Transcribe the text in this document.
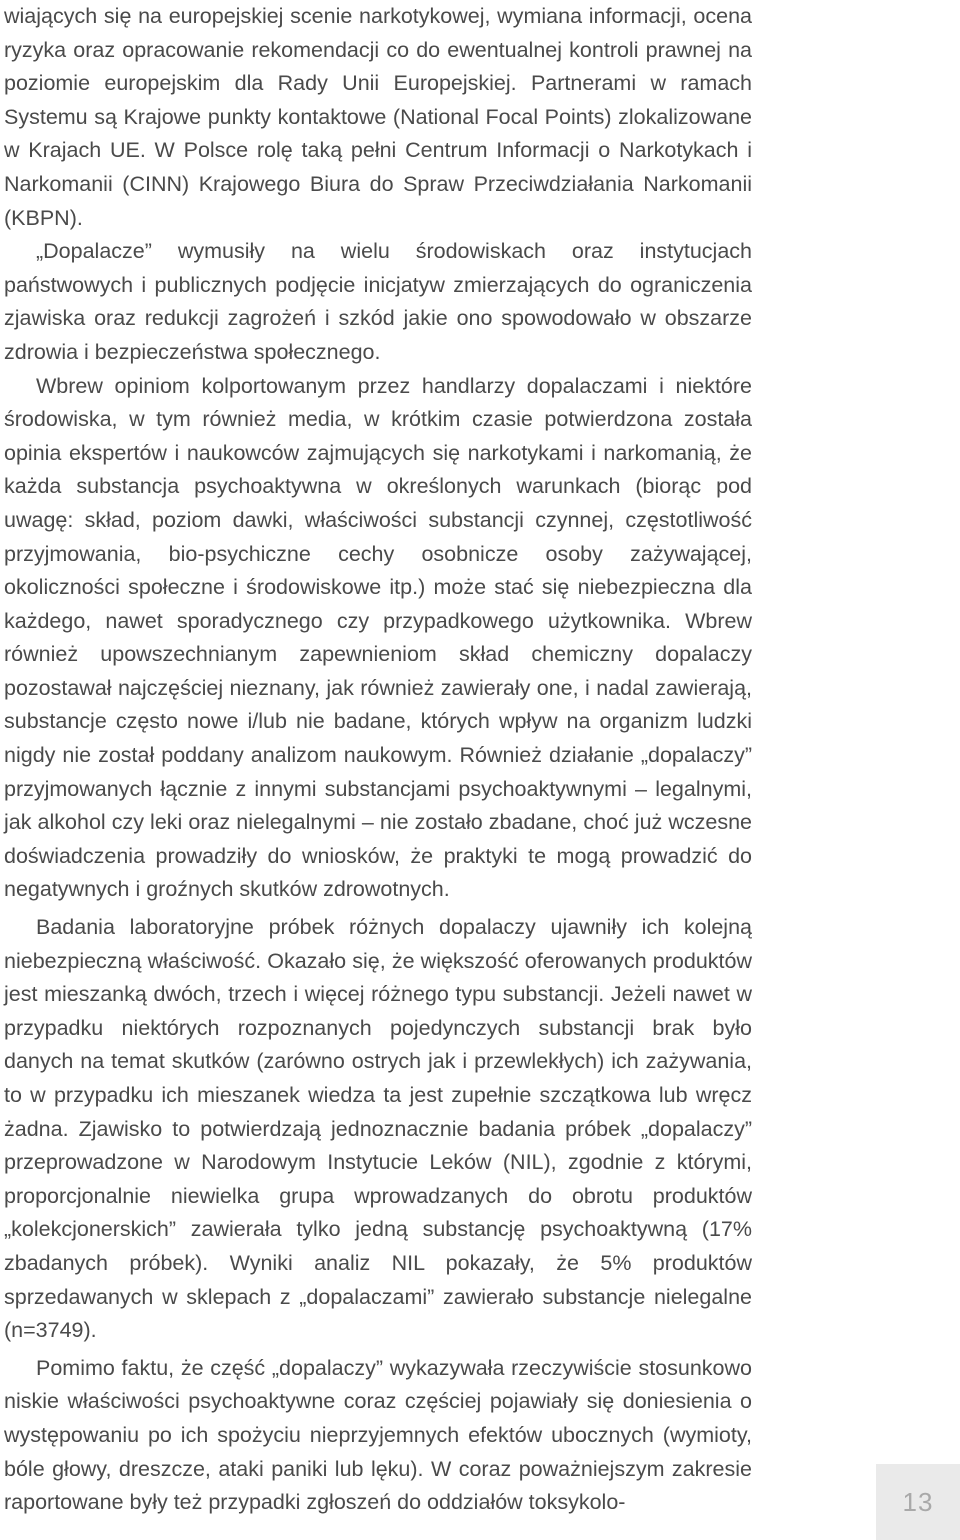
wiających się na europejskiej scenie narkotykowej, wymiana informacji, ocena ryzyka oraz opracowanie rekomendacji co do ewentualnej kontroli prawnej na poziomie europejskim dla Rady Unii Europejskiej. Partnerami w ramach Systemu są Krajowe punkty kontaktowe (National Focal Points) zlokalizowane w Krajach UE. W Polsce rolę taką pełni Centrum Informacji o Narkotykach i Narkomanii (CINN) Krajowego Biura do Spraw Przeciwdziałania Narkomanii (KBPN).

„Dopalacze” wymusiły na wielu środowiskach oraz instytucjach państwowych i publicznych podjęcie inicjatyw zmierzających do ograniczenia zjawiska oraz redukcji zagrożeń i szkód jakie ono spowodowało w obszarze zdrowia i bezpieczeństwa społecznego.

Wbrew opiniom kolportowanym przez handlarzy dopalaczami i niektóre środowiska, w tym również media, w krótkim czasie potwierdzona została opinia ekspertów i naukowców zajmujących się narkotykami i narkomanią, że każda substancja psychoaktywna w określonych warunkach (biorąc pod uwagę: skład, poziom dawki, właściwości substancji czynnej, częstotliwość przyjmowania, bio-psychiczne cechy osobnicze osoby zażywającej, okoliczności społeczne i środowiskowe itp.) może stać się niebezpieczna dla każdego, nawet sporadycznego czy przypadkowego użytkownika. Wbrew również upowszechnianym zapewnieniom skład chemiczny dopalaczy pozostawał najczęściej nieznany, jak również zawierały one, i nadal zawierają, substancje często nowe i/lub nie badane, których wpływ na organizm ludzki nigdy nie został poddany analizom naukowym. Również działanie „dopalaczy” przyjmowanych łącznie z innymi substancjami psychoaktywnymi – legalnymi, jak alkohol czy leki oraz nielegalnymi – nie zostało zbadane, choć już wczesne doświadczenia prowadziły do wniosków, że praktyki te mogą prowadzić do negatywnych i groźnych skutków zdrowotnych.

Badania laboratoryjne próbek różnych dopalaczy ujawniły ich kolejną niebezpieczną właściwość. Okazało się, że większość oferowanych produktów jest mieszanką dwóch, trzech i więcej różnego typu substancji. Jeżeli nawet w przypadku niektórych rozpoznanych pojedynczych substancji brak było danych na temat skutków (zarówno ostrych jak i przewlekłych) ich zażywania, to w przypadku ich mieszanek wiedza ta jest zupełnie szczątkowa lub wręcz żadna. Zjawisko to potwierdzają jednoznacznie badania próbek „dopalaczy” przeprowadzone w Narodowym Instytucie Leków (NIL), zgodnie z którymi, proporcjonalnie niewielka grupa wprowadzanych do obrotu produktów „kolekcjonerskich” zawierała tylko jedną substancję psychoaktywną (17% zbadanych próbek). Wyniki analiz NIL pokazały, że 5% produktów sprzedawanych w sklepach z „dopalaczami” zawierało substancje nielegalne (n=3749).

Pomimo faktu, że część „dopalaczy” wykazywała rzeczywiście stosunkowo niskie właściwości psychoaktywne coraz częściej pojawiały się doniesienia o występowaniu po ich spożyciu nieprzyjemnych efektów ubocznych (wymioty, bóle głowy, dreszcze, ataki paniki lub lęku). W coraz poważniejszym zakresie raportowane były też przypadki zgłoszeń do oddziałów toksykolo-	13
